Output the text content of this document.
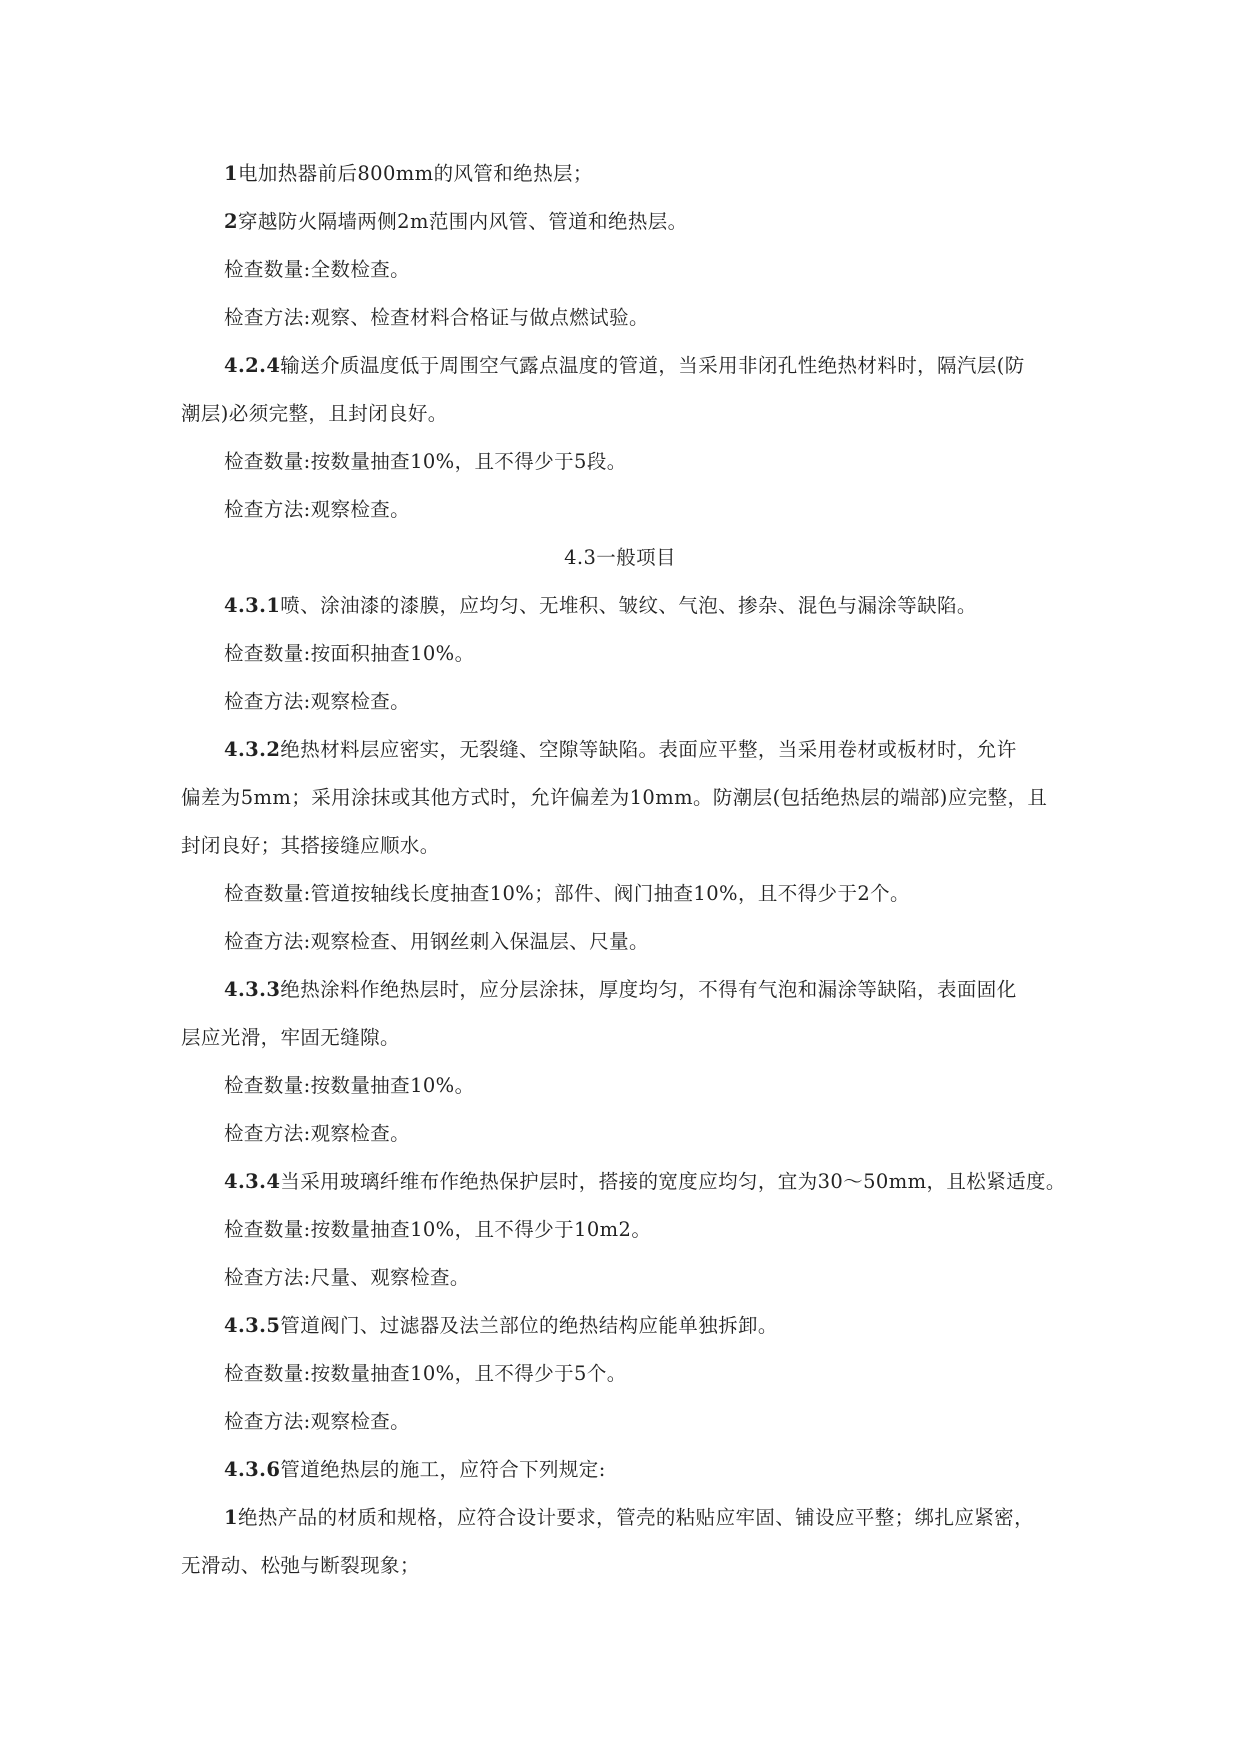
1电加热器前后800mm的风管和绝热层；
2穿越防火隔墙两侧2m范围内风管、管道和绝热层。
检查数量:全数检查。
检查方法:观察、检查材料合格证与做点燃试验。
4.2.4输送介质温度低于周围空气露点温度的管道，当采用非闭孔性绝热材料时，隔汽层(防
潮层)必须完整，且封闭良好。
检查数量:按数量抽查10%，且不得少于5段。
检查方法:观察检查。
4.3一般项目
4.3.1喷、涂油漆的漆膜，应均匀、无堆积、皱纹、气泡、掺杂、混色与漏涂等缺陷。
检查数量:按面积抽查10%。
检查方法:观察检查。
4.3.2绝热材料层应密实，无裂缝、空隙等缺陷。表面应平整，当采用卷材或板材时，允许
偏差为5mm；采用涂抹或其他方式时，允许偏差为10mm。防潮层(包括绝热层的端部)应完整，且
封闭良好；其搭接缝应顺水。
检查数量:管道按轴线长度抽查10%；部件、阀门抽查10%，且不得少于2个。
检查方法:观察检查、用钢丝刺入保温层、尺量。
4.3.3绝热涂料作绝热层时，应分层涂抹，厚度均匀，不得有气泡和漏涂等缺陷，表面固化
层应光滑，牢固无缝隙。
检查数量:按数量抽查10%。
检查方法:观察检查。
4.3.4当采用玻璃纤维布作绝热保护层时，搭接的宽度应均匀，宜为30～50mm，且松紧适度。
检查数量:按数量抽查10%，且不得少于10m2。
检查方法:尺量、观察检查。
4.3.5管道阀门、过滤器及法兰部位的绝热结构应能单独拆卸。
检查数量:按数量抽查10%，且不得少于5个。
检查方法:观察检查。
4.3.6管道绝热层的施工，应符合下列规定:
1绝热产品的材质和规格，应符合设计要求，管壳的粘贴应牢固、铺设应平整；绑扎应紧密，
无滑动、松弛与断裂现象；
